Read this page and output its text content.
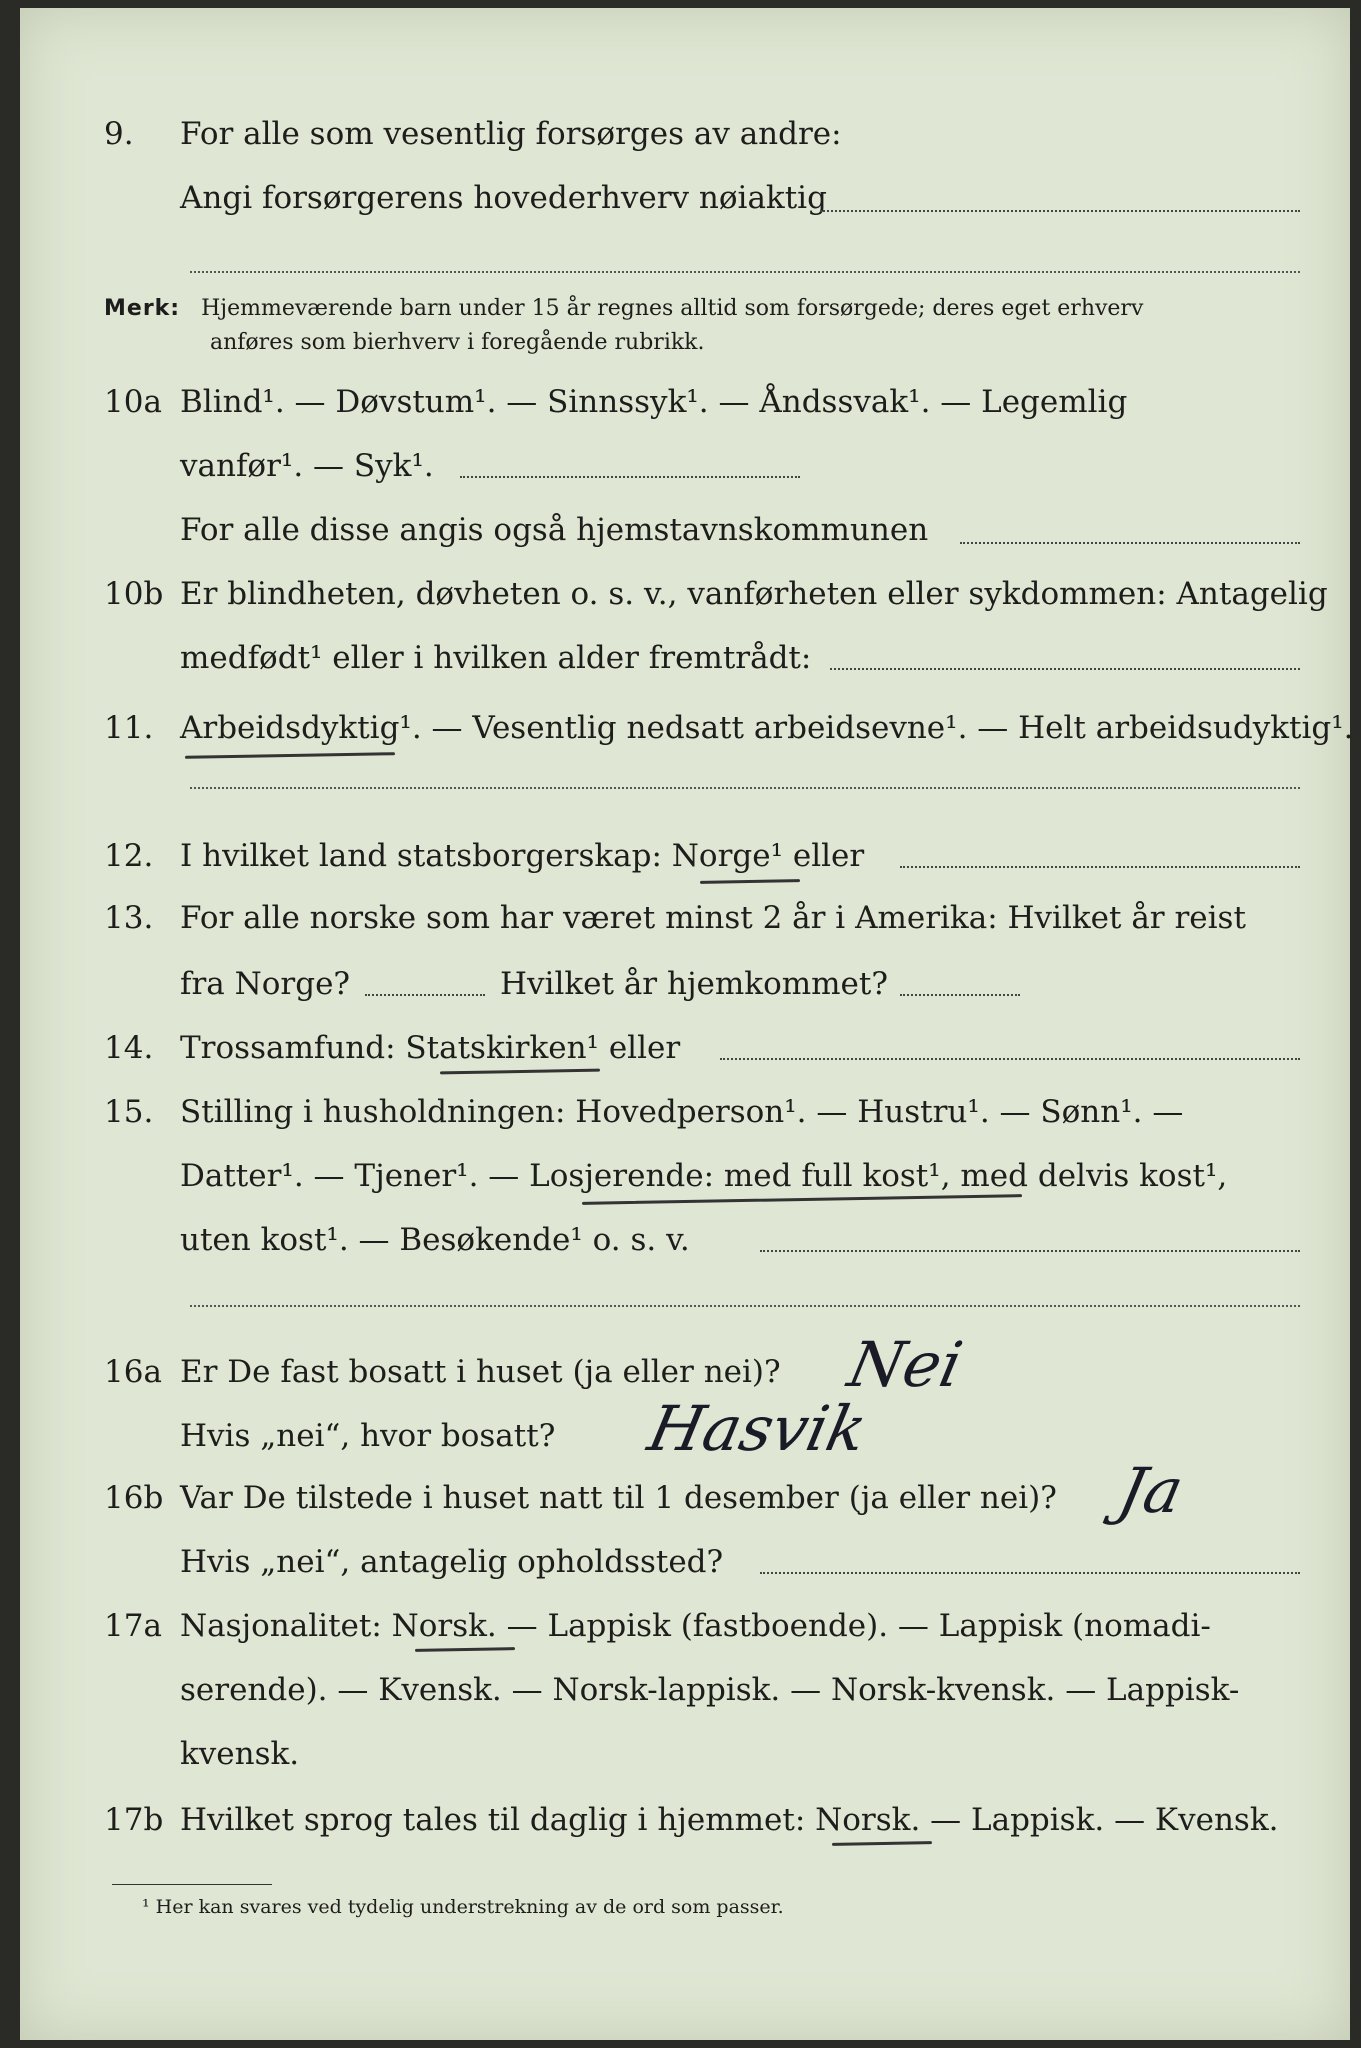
9. For alle som vesentlig forsørges av andre:
Angi forsørgerens hovederhverv nøiaktig
Merk: Hjemmeværende barn under 15 år regnes alltid som forsørgede; deres eget erhverv
anføres som bierhverv i foregående rubrikk.
10a Blind¹. — Døvstum¹. — Sinnssyk¹. — Åndssvak¹. — Legemlig
vanfør¹. — Syk¹.
For alle disse angis også hjemstavnskommunen
10b Er blindheten, døvheten o. s. v., vanførheten eller sykdommen: Antagelig
medfødt¹ eller i hvilken alder fremtrådt:
11. Arbeidsdyktig¹. — Vesentlig nedsatt arbeidsevne¹. — Helt arbeidsudyktig¹.
12. I hvilket land statsborgerskap: Norge¹ eller
13. For alle norske som har været minst 2 år i Amerika: Hvilket år reist
fra Norge?	Hvilket år hjemkommet?
14. Trossamfund: Statskirken¹ eller
15. Stilling i husholdningen: Hovedperson¹. — Hustru¹. — Sønn¹. —
Datter¹. — Tjener¹. — Losjerende: med full kost¹, med delvis kost¹,
uten kost¹. — Besøkende¹ o. s. v.
16a Er De fast bosatt i huset (ja eller nei)? Nei
Hvis „nei“, hvor bosatt? Hasvik
16b Var De tilstede i huset natt til 1 desember (ja eller nei)? Ja
Hvis „nei“, antagelig opholdssted?
17a Nasjonalitet: Norsk. — Lappisk (fastboende). — Lappisk (nomadi-
serende). — Kvensk. — Norsk-lappisk. — Norsk-kvensk. — Lappisk-
kvensk.
17b Hvilket sprog tales til daglig i hjemmet: Norsk. — Lappisk. — Kvensk.
¹ Her kan svares ved tydelig understrekning av de ord som passer.
